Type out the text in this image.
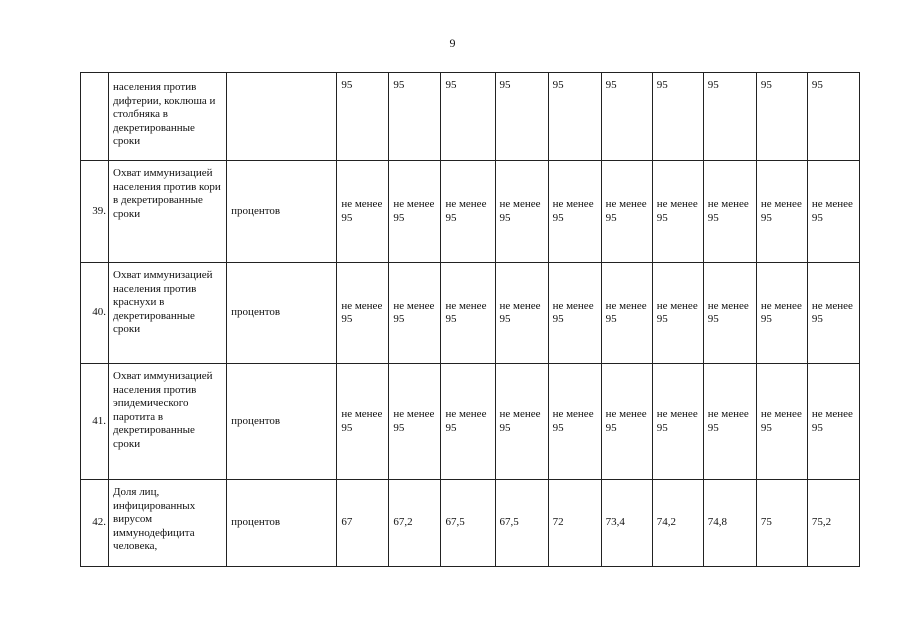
9
	населения против дифтерии, коклюша и столбняка в декретированные сроки		95	95	95	95	95	95	95	95	95	95
39.	Охват иммунизацией населения против кори в декретированные сроки	процентов	не менее 95	не менее 95	не менее 95	не менее 95	не менее 95	не менее 95	не менее 95	не менее 95	не менее 95	не менее 95
40.	Охват иммунизацией населения против краснухи в декретированные сроки	процентов	не менее 95	не менее 95	не менее 95	не менее 95	не менее 95	не менее 95	не менее 95	не менее 95	не менее 95	не менее 95
41.	Охват иммунизацией населения против эпидемического паротита в декретированные сроки	процентов	не менее 95	не менее 95	не менее 95	не менее 95	не менее 95	не менее 95	не менее 95	не менее 95	не менее 95	не менее 95
42.	Доля лиц, инфицированных вирусом иммунодефицита человека,	процентов	67	67,2	67,5	67,5	72	73,4	74,2	74,8	75	75,2
